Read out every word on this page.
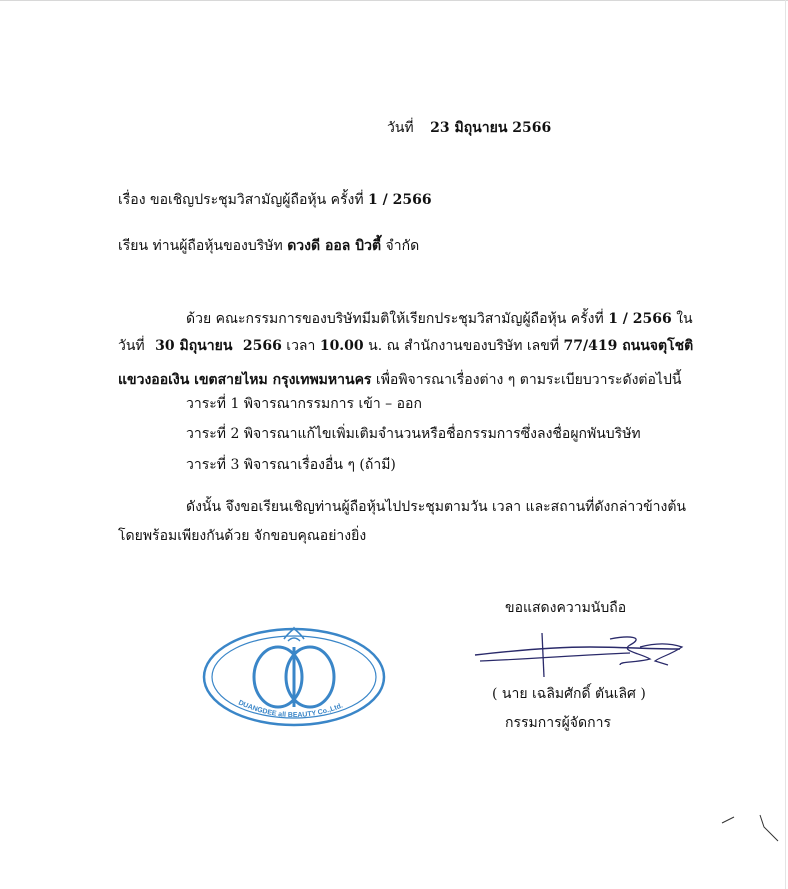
วันที่ 23 มิถุนายน 2566
เรื่อง ขอเชิญประชุมวิสามัญผู้ถือหุ้น ครั้งที่ 1 / 2566
เรียน ท่านผู้ถือหุ้นของบริษัท ดวงดี ออล บิวตี้ จำกัด
ด้วย คณะกรรมการของบริษัทมีมติให้เรียกประชุมวิสามัญผู้ถือหุ้น ครั้งที่ 1 / 2566 ใน
วันที่ 30 มิถุนายน 2566 เวลา 10.00 น. ณ สำนักงานของบริษัท เลขที่ 77/419 ถนนจตุโชติ
แขวงออเงิน เขตสายไหม กรุงเทพมหานคร เพื่อพิจารณาเรื่องต่าง ๆ ตามระเบียบวาระดังต่อไปนี้
วาระที่ 1 พิจารณากรรมการ เข้า – ออก
วาระที่ 2 พิจารณาแก้ไขเพิ่มเติมจำนวนหรือชื่อกรรมการซึ่งลงชื่อผูกพันบริษัท
วาระที่ 3 พิจารณาเรื่องอื่น ๆ (ถ้ามี)
ดังนั้น จึงขอเรียนเชิญท่านผู้ถือหุ้นไปประชุมตามวัน เวลา และสถานที่ดังกล่าวข้างต้น
โดยพร้อมเพียงกันด้วย จักขอบคุณอย่างยิ่ง
ขอแสดงความนับถือ
DUANGDEE all BEAUTY Co.,Ltd.
( นาย เฉลิมศักดิ์ ตันเลิศ )
กรรมการผู้จัดการ
